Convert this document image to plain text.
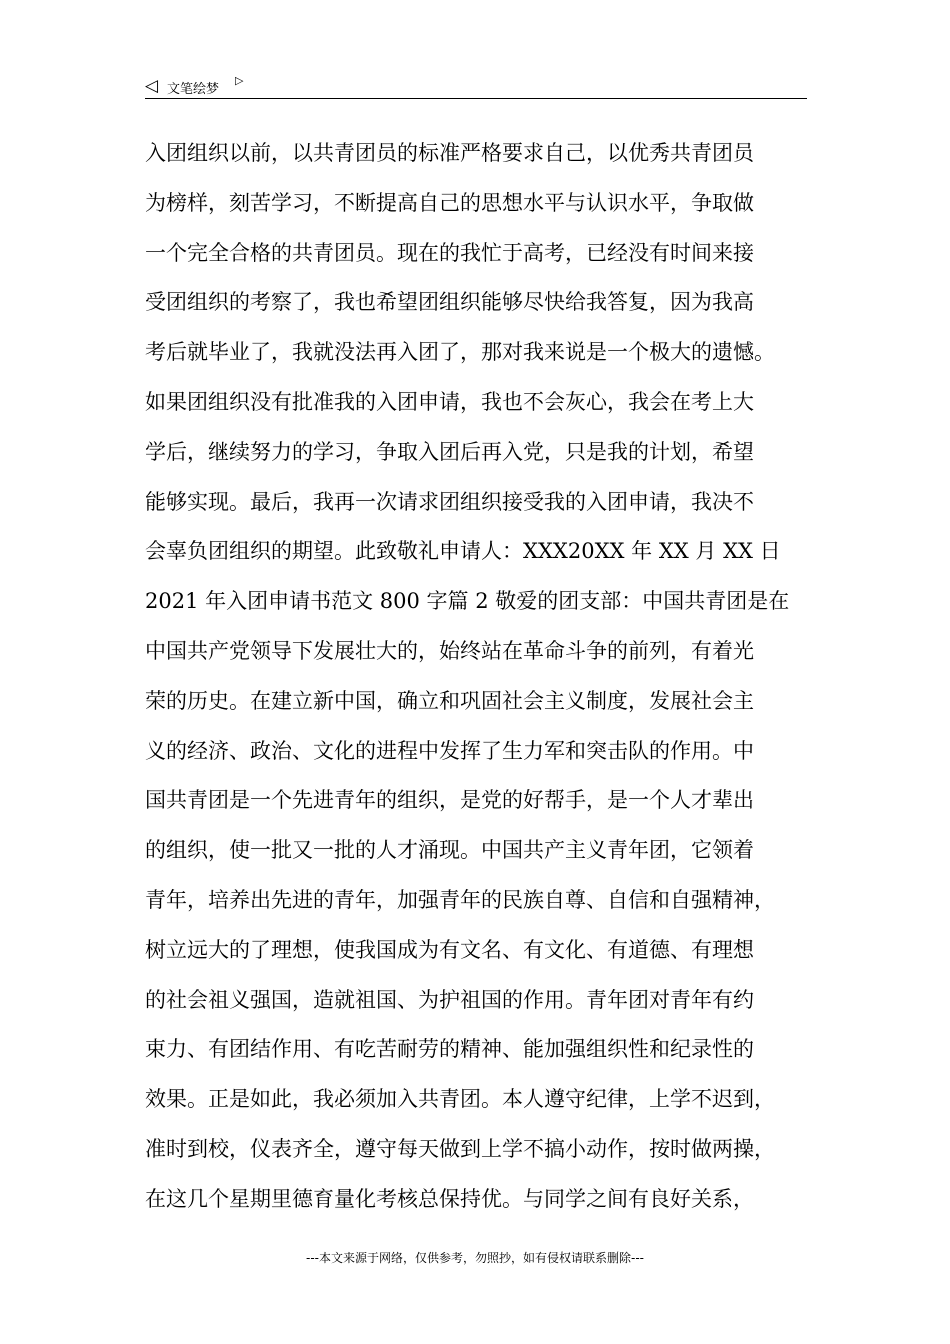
◁ 文笔绘梦
▷
入团组织以前，以共青团员的标准严格要求自己，以优秀共青团员
为榜样，刻苦学习，不断提高自己的思想水平与认识水平，争取做
一个完全合格的共青团员。现在的我忙于高考，已经没有时间来接
受团组织的考察了，我也希望团组织能够尽快给我答复，因为我高
考后就毕业了，我就没法再入团了，那对我来说是一个极大的遗憾。
如果团组织没有批准我的入团申请，我也不会灰心，我会在考上大
学后，继续努力的学习，争取入团后再入党，只是我的计划，希望
能够实现。最后，我再一次请求团组织接受我的入团申请，我决不
会辜负团组织的期望。此致敬礼申请人：XXX20XX 年 XX 月 XX 日
2021 年入团申请书范文 800 字篇 2 敬爱的团支部：中国共青团是在
中国共产党领导下发展壮大的，始终站在革命斗争的前列，有着光
荣的历史。在建立新中国，确立和巩固社会主义制度，发展社会主
义的经济、政治、文化的进程中发挥了生力军和突击队的作用。中
国共青团是一个先进青年的组织，是党的好帮手，是一个人才辈出
的组织，使一批又一批的人才涌现。中国共产主义青年团，它领着
青年，培养出先进的青年，加强青年的民族自尊、自信和自强精神，
树立远大的了理想，使我国成为有文名、有文化、有道德、有理想
的社会祖义强国，造就祖国、为护祖国的作用。青年团对青年有约
束力、有团结作用、有吃苦耐劳的精神、能加强组织性和纪录性的
效果。正是如此，我必须加入共青团。本人遵守纪律，上学不迟到，
准时到校，仪表齐全，遵守每天做到上学不搞小动作，按时做两操，
在这几个星期里德育量化考核总保持优。与同学之间有良好关系，
---本文来源于网络，仅供参考，勿照抄，如有侵权请联系删除---
